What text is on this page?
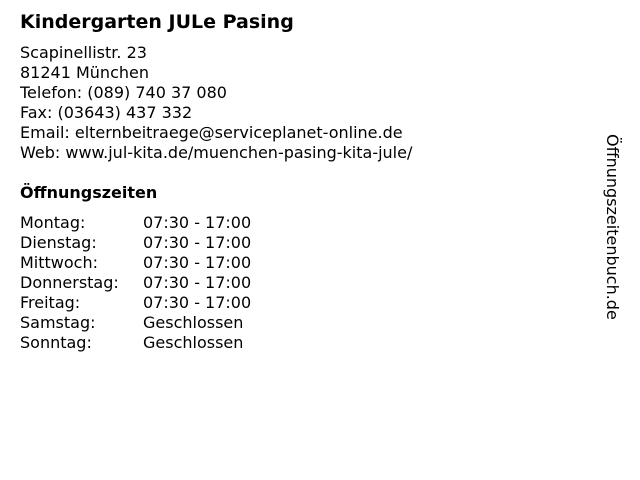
Kindergarten JULe Pasing
Scapinellistr. 23
81241 München
Telefon: (089) 740 37 080
Fax: (03643) 437 332
Email: elternbeitraege@serviceplanet-online.de
Web: www.jul-kita.de/muenchen-pasing-kita-jule/
Öffnungszeiten
Montag:	07:30 - 17:00
Dienstag:	07:30 - 17:00
Mittwoch:	07:30 - 17:00
Donnerstag:	07:30 - 17:00
Freitag:	07:30 - 17:00
Samstag:	Geschlossen
Sonntag:	Geschlossen
Öffnungszeitenbuch.de
